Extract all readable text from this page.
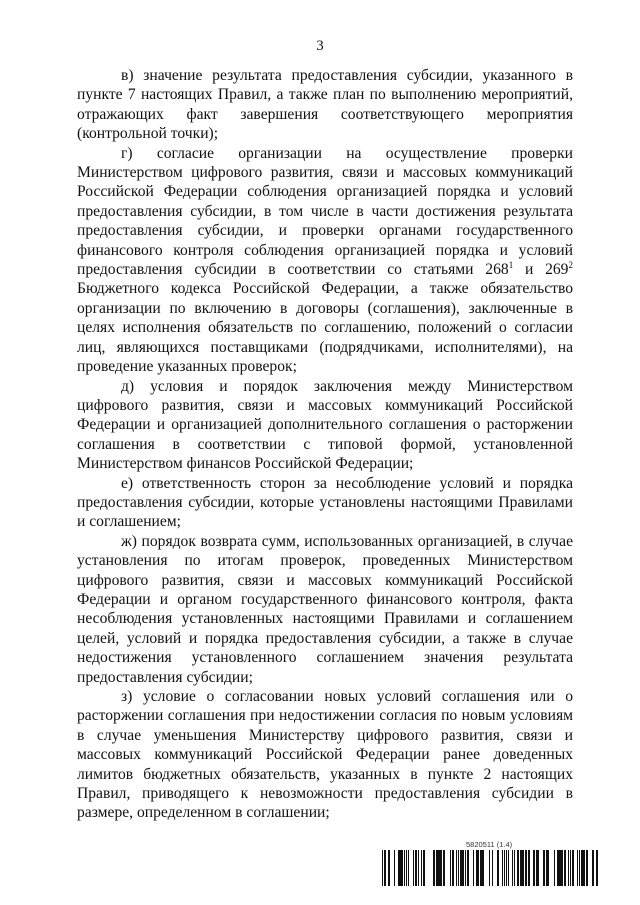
3

в) значение результата предоставления субсидии, указанного в пункте 7 настоящих Правил, а также план по выполнению мероприятий, отражающих факт завершения соответствующего мероприятия (контрольной точки);

г) согласие организации на осуществление проверки Министерством цифрового развития, связи и массовых коммуникаций Российской Федерации соблюдения организацией порядка и условий предоставления субсидии, в том числе в части достижения результата предоставления субсидии, и проверки органами государственного финансового контроля соблюдения организацией порядка и условий предоставления субсидии в соответствии со статьями $268^1$ и $269^2$ Бюджетного кодекса Российской Федерации, а также обязательство организации по включению в договоры (соглашения), заключенные в целях исполнения обязательств по соглашению, положений о согласии лиц, являющихся поставщиками (подрядчиками, исполнителями), на проведение указанных проверок;

д) условия и порядок заключения между Министерством цифрового развития, связи и массовых коммуникаций Российской Федерации и организацией дополнительного соглашения о расторжении соглашения в соответствии с типовой формой, установленной Министерством финансов Российской Федерации;

е) ответственность сторон за несоблюдение условий и порядка предоставления субсидии, которые установлены настоящими Правилами и соглашением;

ж) порядок возврата сумм, использованных организацией, в случае установления по итогам проверок, проведенных Министерством цифрового развития, связи и массовых коммуникаций Российской Федерации и органом государственного финансового контроля, факта несоблюдения установленных настоящими Правилами и соглашением целей, условий и порядка предоставления субсидии, а также в случае недостижения установленного соглашением значения результата предоставления субсидии;

з) условие о согласовании новых условий соглашения или о расторжении соглашения при недостижении согласия по новым условиям в случае уменьшения Министерству цифрового развития, связи и массовых коммуникаций Российской Федерации ранее доведенных лимитов бюджетных обязательств, указанных в пункте 2 настоящих Правил, приводящего к невозможности предоставления субсидии в размере, определенном в соглашении;

5820511 (1.4)
